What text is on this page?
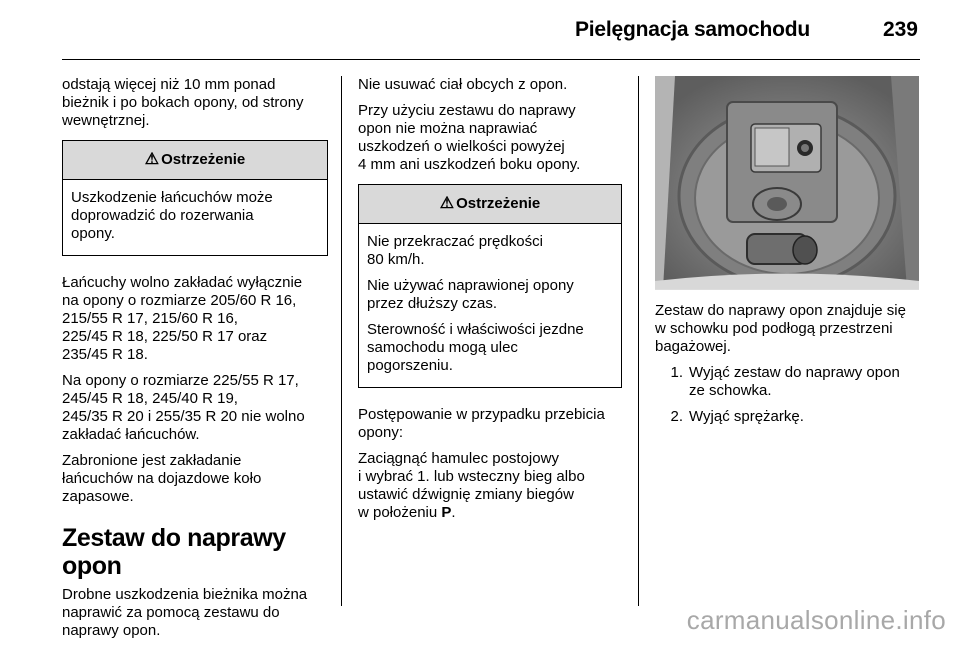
Pielęgnacja samochodu	239

odstają więcej niż 10 mm ponad
bieżnik i po bokach opony, od strony
wewnętrznej.

⚠ Ostrzeżenie

Uszkodzenie łańcuchów może
doprowadzić do rozerwania
opony.

Łańcuchy wolno zakładać wyłącznie
na opony o rozmiarze 205/60 R 16,
215/55 R 17, 215/60 R 16,
225/45 R 18, 225/50 R 17 oraz
235/45 R 18.

Na opony o rozmiarze 225/55 R 17,
245/45 R 18, 245/40 R 19,
245/35 R 20 i 255/35 R 20 nie wolno
zakładać łańcuchów.

Zabronione jest zakładanie
łańcuchów na dojazdowe koło
zapasowe.

Zestaw do naprawy opon

Drobne uszkodzenia bieżnika można
naprawić za pomocą zestawu do
naprawy opon.

Nie usuwać ciał obcych z opon.

Przy użyciu zestawu do naprawy
opon nie można naprawiać
uszkodzeń o wielkości powyżej
4 mm ani uszkodzeń boku opony.

⚠ Ostrzeżenie

Nie przekraczać prędkości
80 km/h.

Nie używać naprawionej opony
przez dłuższy czas.

Sterowność i właściwości jezdne
samochodu mogą ulec
pogorszeniu.

Postępowanie w przypadku przebicia
opony:

Zaciągnąć hamulec postojowy
i wybrać 1. lub wsteczny bieg albo
ustawić dźwignię zmiany biegów
w położeniu P.

Zestaw do naprawy opon znajduje się
w schowku pod podłogą przestrzeni
bagażowej.

1. Wyjąć zestaw do naprawy opon
ze schowka.
2. Wyjąć sprężarkę.
carmanualsonline.info
